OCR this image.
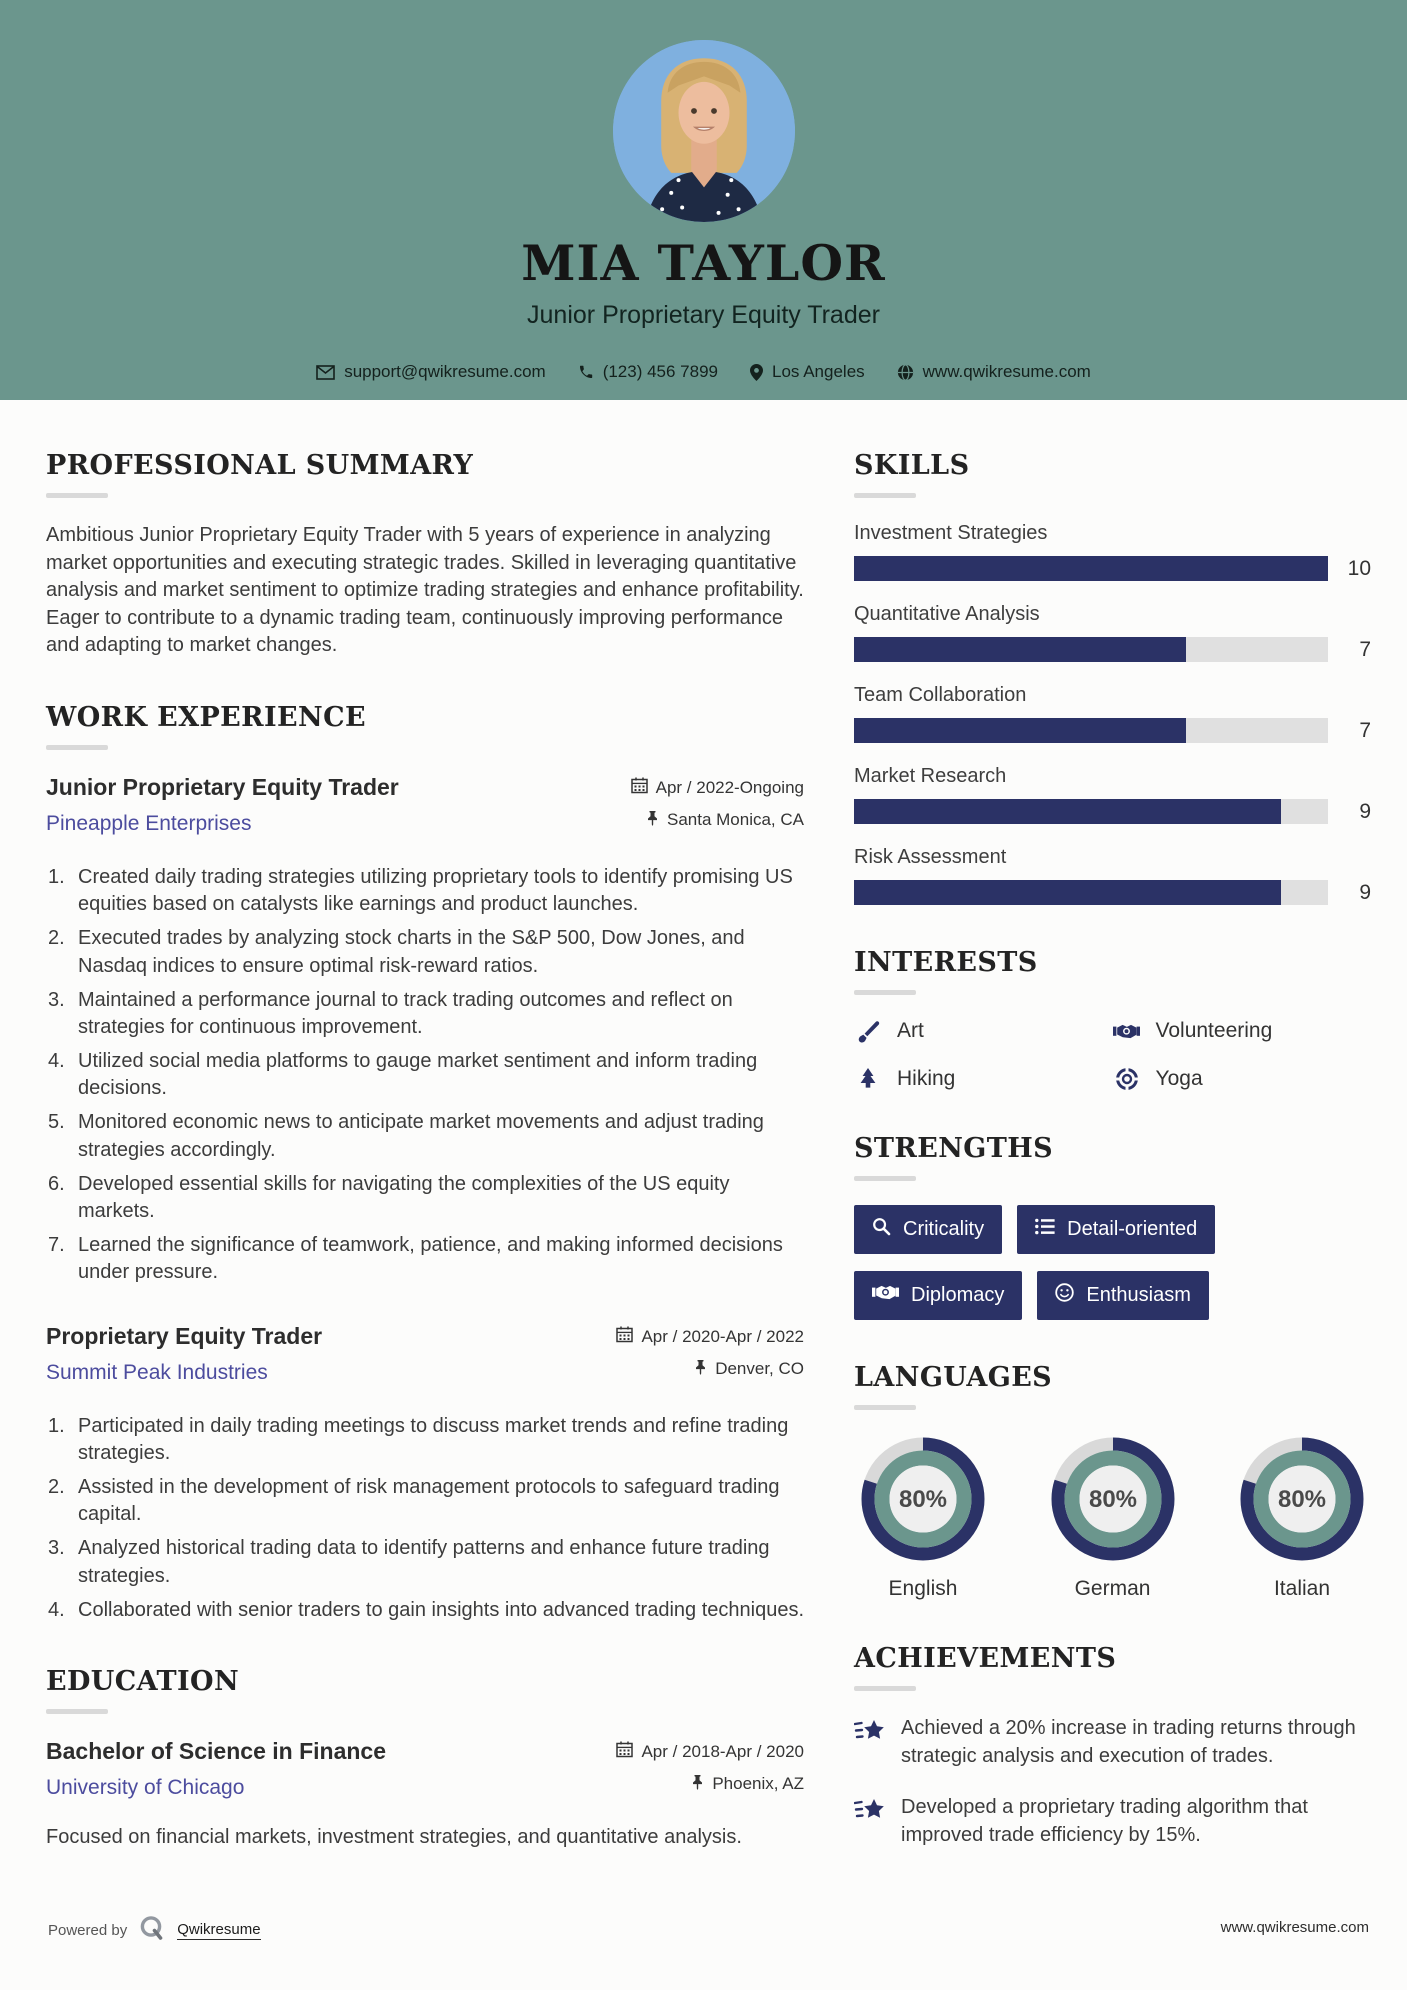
MIA TAYLOR
Junior Proprietary Equity Trader
support@qwikresume.com	(123) 456 7899	Los Angeles	www.qwikresume.com
PROFESSIONAL SUMMARY

Ambitious Junior Proprietary Equity Trader with 5 years of experience in analyzing market opportunities and executing strategic trades. Skilled in leveraging quantitative analysis and market sentiment to optimize trading strategies and enhance profitability. Eager to contribute to a dynamic trading team, continuously improving performance and adapting to market changes.

WORK EXPERIENCE
Junior Proprietary Equity Trader
Pineapple Enterprises
Apr / 2022-Ongoing
Santa Monica, CA
Created daily trading strategies utilizing proprietary tools to identify promising US equities based on catalysts like earnings and product launches.
Executed trades by analyzing stock charts in the S&P 500, Dow Jones, and Nasdaq indices to ensure optimal risk-reward ratios.
Maintained a performance journal to track trading outcomes and reflect on strategies for continuous improvement.
Utilized social media platforms to gauge market sentiment and inform trading decisions.
Monitored economic news to anticipate market movements and adjust trading strategies accordingly.
Developed essential skills for navigating the complexities of the US equity markets.
Learned the significance of teamwork, patience, and making informed decisions under pressure.
Proprietary Equity Trader
Summit Peak Industries
Apr / 2020-Apr / 2022
Denver, CO
Participated in daily trading meetings to discuss market trends and refine trading strategies.
Assisted in the development of risk management protocols to safeguard trading capital.
Analyzed historical trading data to identify patterns and enhance future trading strategies.
Collaborated with senior traders to gain insights into advanced trading techniques.
EDUCATION
Bachelor of Science in Finance
University of Chicago
Apr / 2018-Apr / 2020
Phoenix, AZ

Focused on financial markets, investment strategies, and quantitative analysis.

SKILLS
Investment Strategies
10
Quantitative Analysis
7
Team Collaboration
7
Market Research
9
Risk Assessment
9
INTERESTS
Art	Volunteering
Hiking	Yoga
STRENGTHS
Criticality	Detail-oriented
Diplomacy	Enthusiasm
LANGUAGES
80%
English
80%
German
80%
Italian
ACHIEVEMENTS
Achieved a 20% increase in trading returns through strategic analysis and execution of trades.
Developed a proprietary trading algorithm that improved trade efficiency by 15%.
Powered by	Qwikresume	www.qwikresume.com
